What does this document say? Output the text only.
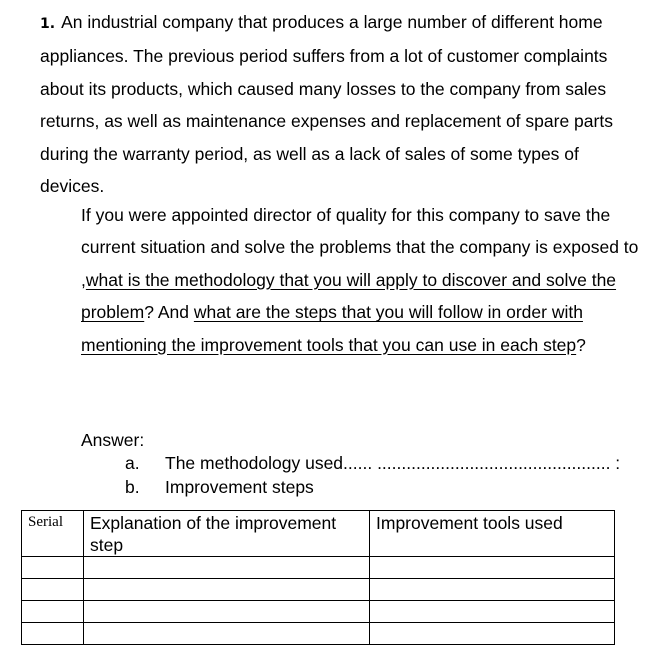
1. An industrial company that produces a large number of different home appliances. The previous period suffers from a lot of customer complaints about its products, which caused many losses to the company from sales returns, as well as maintenance expenses and replacement of spare parts during the warranty period, as well as a lack of sales of some types of devices.
If you were appointed director of quality for this company to save the current situation and solve the problems that the company is exposed to ,what is the methodology that you will apply to discover and solve the problem? And what are the steps that you will follow in order with mentioning the improvement tools that you can use in each step?
Answer:
a. The methodology used...... ................................................ :
b. Improvement steps
Serial	Explanation of the improvement step	Improvement tools used
